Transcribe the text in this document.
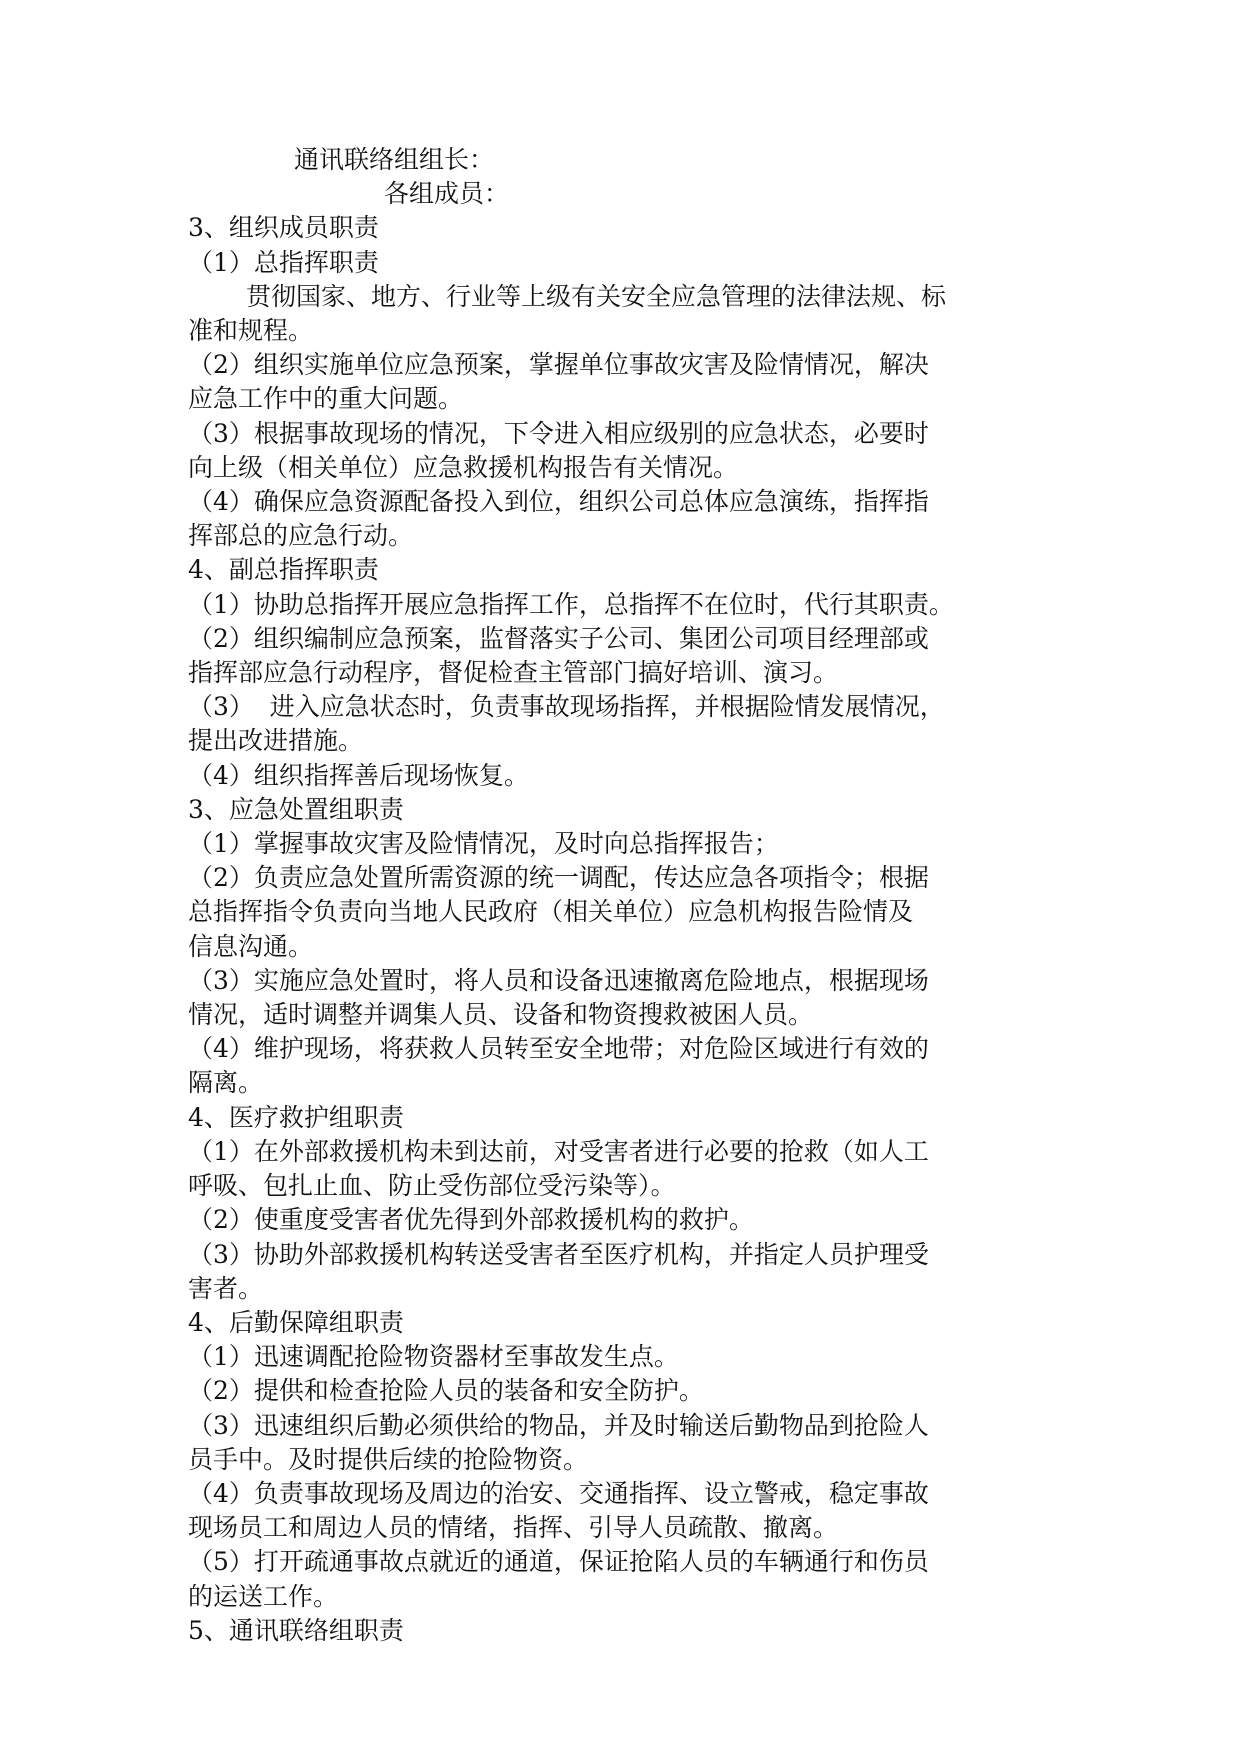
通讯联络组组长：

各组成员：

3、组织成员职责

（1）总指挥职责

贯彻国家、地方、行业等上级有关安全应急管理的法律法规、标

准和规程。

（2）组织实施单位应急预案，掌握单位事故灾害及险情情况，解决

应急工作中的重大问题。

（3）根据事故现场的情况，下令进入相应级别的应急状态，必要时

向上级（相关单位）应急救援机构报告有关情况。

（4）确保应急资源配备投入到位，组织公司总体应急演练，指挥指

挥部总的应急行动。

4、副总指挥职责

（1）协助总指挥开展应急指挥工作，总指挥不在位时，代行其职责。

（2）组织编制应急预案，监督落实子公司、集团公司项目经理部或

指挥部应急行动程序，督促检查主管部门搞好培训、演习。

（3）  进入应急状态时，负责事故现场指挥，并根据险情发展情况，

提出改进措施。

（4）组织指挥善后现场恢复。

3、应急处置组职责

（1）掌握事故灾害及险情情况，及时向总指挥报告；

（2）负责应急处置所需资源的统一调配，传达应急各项指令；根据

总指挥指令负责向当地人民政府（相关单位）应急机构报告险情及

信息沟通。

（3）实施应急处置时，将人员和设备迅速撤离危险地点，根据现场

情况，适时调整并调集人员、设备和物资搜救被困人员。

（4）维护现场，将获救人员转至安全地带；对危险区域进行有效的

隔离。

4、医疗救护组职责

（1）在外部救援机构未到达前，对受害者进行必要的抢救（如人工

呼吸、包扎止血、防止受伤部位受污染等）。

（2）使重度受害者优先得到外部救援机构的救护。

（3）协助外部救援机构转送受害者至医疗机构，并指定人员护理受

害者。

4、后勤保障组职责

（1）迅速调配抢险物资器材至事故发生点。

（2）提供和检查抢险人员的装备和安全防护。

（3）迅速组织后勤必须供给的物品，并及时输送后勤物品到抢险人

员手中。及时提供后续的抢险物资。

（4）负责事故现场及周边的治安、交通指挥、设立警戒，稳定事故

现场员工和周边人员的情绪，指挥、引导人员疏散、撤离。

（5）打开疏通事故点就近的通道，保证抢陷人员的车辆通行和伤员

的运送工作。

5、通讯联络组职责
